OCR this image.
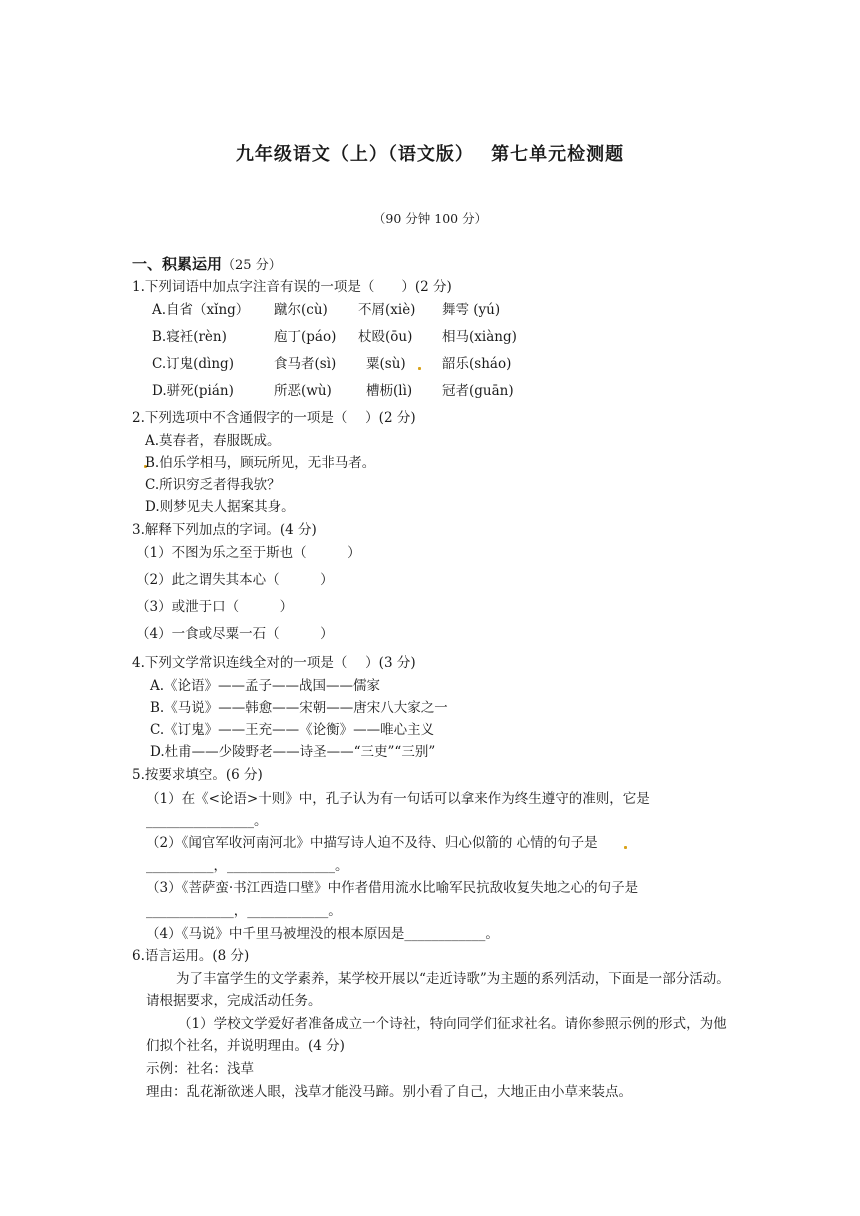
九年级语文（上）（语文版）　 第七单元检测题
（90 分钟 100 分）
一、积累运用（25 分）
1.下列词语中加点字注音有误的一项是（　　）(2 分)
A.自省（xǐng） 蹴尔(cù) 不屑(xiè) 舞雩 (yú)
B.寝衽(rèn)	庖丁(páo) 杖殴(ōu) 相马(xiàng)
C.订鬼(dìng)	食马者(sì) 粟(sù)	韶乐(sháo)
D.骈死(pián)	所恶(wù)	槽枥(lì) 冠者(guān)
2.下列选项中不含通假字的一项是（　 ）(2 分)
A.莫春者，春服既成。
B.伯乐学相马，顾玩所见，无非马者。
C.所识穷乏者得我欤？
D.则梦见夫人据案其身。
3.解释下列加点的字词。(4 分)
（1）不图为乐之至于斯也（　　　）
（2）此之谓失其本心（　　　）
（3）或泄于口（　　　）
（4）一食或尽粟一石（　　　）
4.下列文学常识连线全对的一项是（　 ）(3 分)
A.《论语》——孟子——战国——儒家
B.《马说》——韩愈——宋朝——唐宋八大家之一
C.《订鬼》——王充——《论衡》——唯心主义
D.杜甫——少陵野老——诗圣——“三吏”“三别”
5.按要求填空。(6 分)
（1）在《<论语>十则》中，孔子认为有一句话可以拿来作为终生遵守的准则，它是
________________。
（2）《闻官军收河南河北》中描写诗人迫不及待、归心似箭的 心情的句子是
__________，________________。
（3）《菩萨蛮·书江西造口壁》中作者借用流水比喻军民抗敌收复失地之心的句子是
_____________，____________。
（4）《马说》中千里马被埋没的根本原因是____________。
6.语言运用。(8 分)
为了丰富学生的文学素养，某学校开展以“走近诗歌”为主题的系列活动，下面是一部分活动。请根据要求，完成活动任务。
（1）学校文学爱好者准备成立一个诗社，特向同学们征求社名。请你参照示例的形式，为他们拟个社名，并说明理由。(4 分)
示例：社名：浅草
理由：乱花渐欲迷人眼，浅草才能没马蹄。别小看了自己，大地正由小草来装点。
